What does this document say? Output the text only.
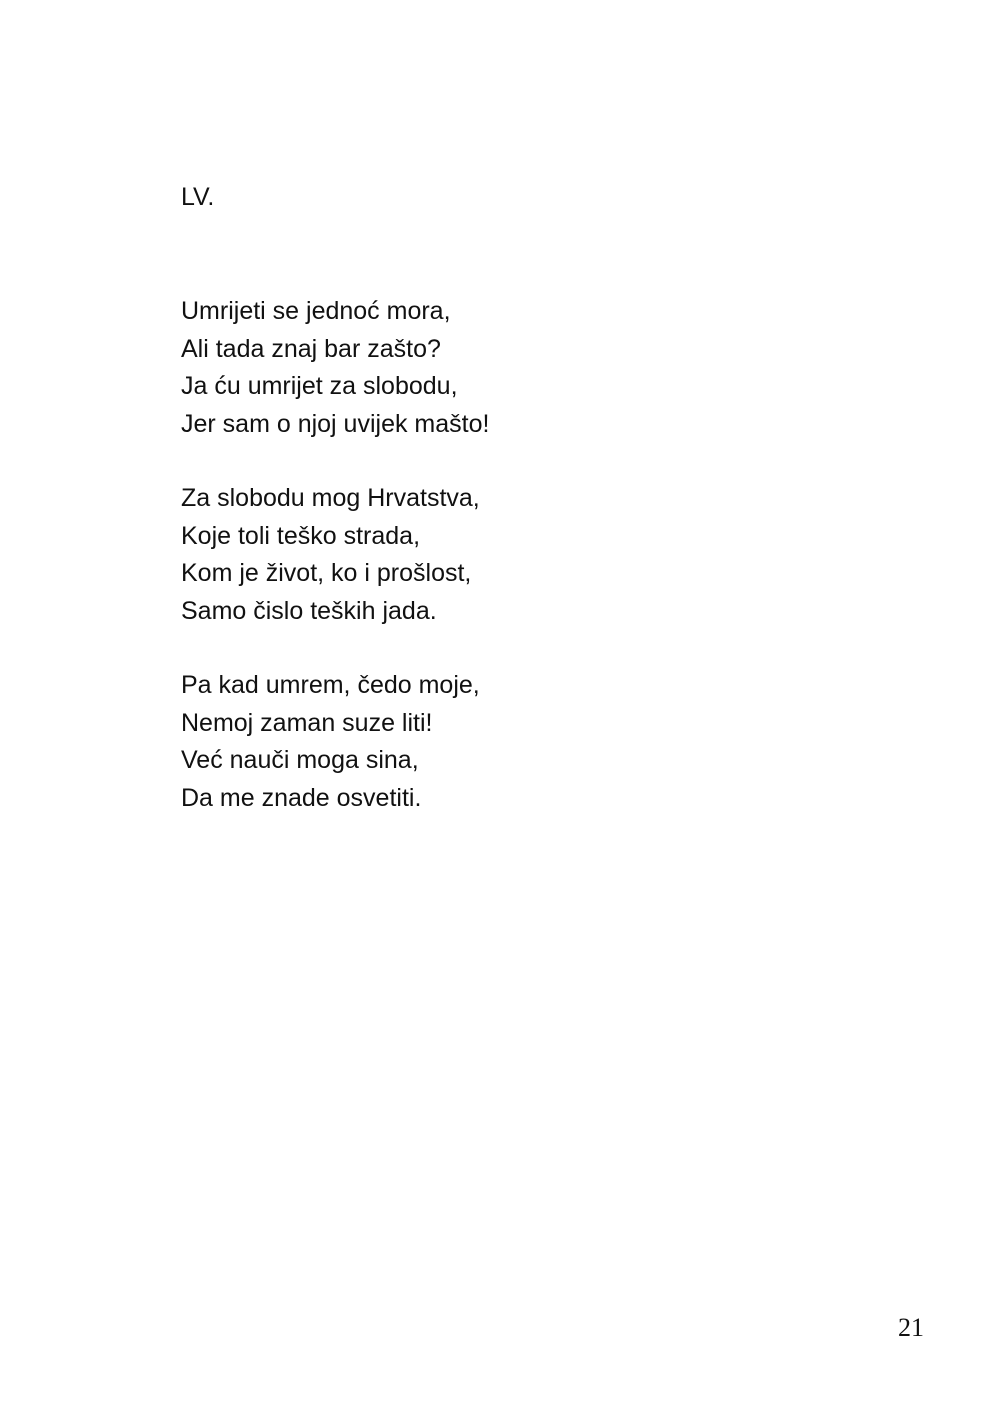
LV.
Umrijeti se jednoć mora,
Ali tada znaj bar zašto?
Ja ću umrijet za slobodu,
Jer sam o njoj uvijek mašto!
Za slobodu mog Hrvatstva,
Koje toli teško strada,
Kom je život, ko i prošlost,
Samo čislo teških jada.
Pa kad umrem, čedo moje,
Nemoj zaman suze liti!
Već nauči moga sina,
Da me znade osvetiti.
21
